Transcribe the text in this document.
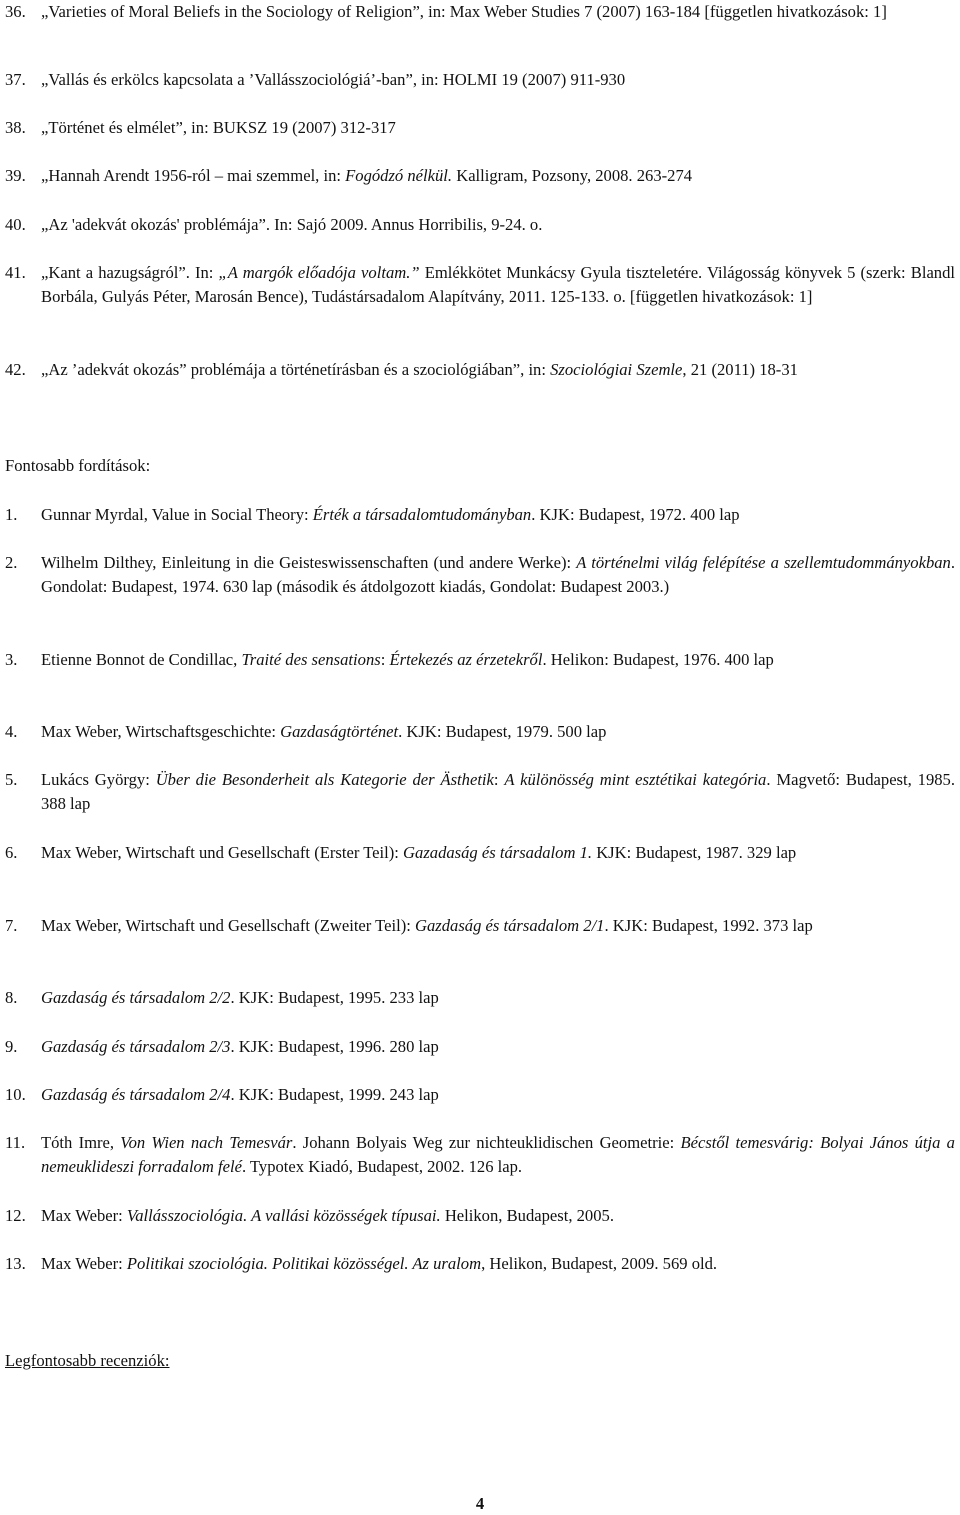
36. „Varieties of Moral Beliefs in the Sociology of Religion”, in: Max Weber Studies 7 (2007) 163-184 [független hivatkozások: 1]
37. „Vallás és erkölcs kapcsolata a ’Vallásszociológiá’-ban”, in: HOLMI 19 (2007) 911-930
38. „Történet és elmélet”, in: BUKSZ 19 (2007) 312-317
39. „Hannah Arendt 1956-ról – mai szemmel, in: Fogódzó nélkül. Kalligram, Pozsony, 2008. 263-274
40. „Az 'adekvát okozás' problémája”. In: Sajó 2009. Annus Horribilis, 9-24. o.
41. „Kant a hazugságról”. In: „A margók előadója voltam.” Emlékkötet Munkácsy Gyula tiszteletére. Világosság könyvek 5 (szerk: Blandl Borbála, Gulyás Péter, Marosán Bence), Tudástársadalom Alapítvány, 2011. 125-133. o. [független hivatkozások: 1]
42. „Az ’adekvát okozás” problémája a történetírásban és a szociológiában”, in: Szociológiai Szemle, 21 (2011) 18-31
Fontosabb fordítások:
1.	Gunnar Myrdal, Value in Social Theory: Érték a társadalomtudományban. KJK: Budapest, 1972. 400 lap
2.	Wilhelm Dilthey, Einleitung in die Geisteswissenschaften (und andere Werke): A történelmi világ felépítése a szellemtudommányokban. Gondolat: Budapest, 1974. 630 lap (második és átdolgozott kiadás, Gondolat: Budapest 2003.)
3.	Etienne Bonnot de Condillac, Traité des sensations: Értekezés az érzetekről. Helikon: Budapest, 1976. 400 lap
4.	Max Weber, Wirtschaftsgeschichte: Gazdaságtörténet. KJK: Budapest, 1979. 500 lap
5.	Lukács György: Über die Besonderheit als Kategorie der Ästhetik: A különösség mint esztétikai kategória. Magvető: Budapest, 1985. 388 lap
6.	Max Weber, Wirtschaft und Gesellschaft (Erster Teil): Gazadaság és társadalom 1. KJK: Budapest, 1987. 329 lap
7.	Max Weber, Wirtschaft und Gesellschaft (Zweiter Teil): Gazdaság és társadalom 2/1. KJK: Budapest, 1992. 373 lap
8.	Gazdaság és társadalom 2/2. KJK: Budapest, 1995. 233 lap
9.	Gazdaság és társadalom 2/3. KJK: Budapest, 1996. 280 lap
10. Gazdaság és társadalom 2/4. KJK: Budapest, 1999. 243 lap
11. Tóth Imre, Von Wien nach Temesvár. Johann Bolyais Weg zur nichteuklidischen Geometrie: Bécstől temesvárig: Bolyai János útja a nemeuklideszi forradalom felé. Typotex Kiadó, Budapest, 2002. 126 lap.
12. Max Weber: Vallásszociológia. A vallási közösségek típusai. Helikon, Budapest, 2005.
13. Max Weber: Politikai szociológia. Politikai közösségel. Az uralom, Helikon, Budapest, 2009. 569 old.
Legfontosabb recenziók:
4
